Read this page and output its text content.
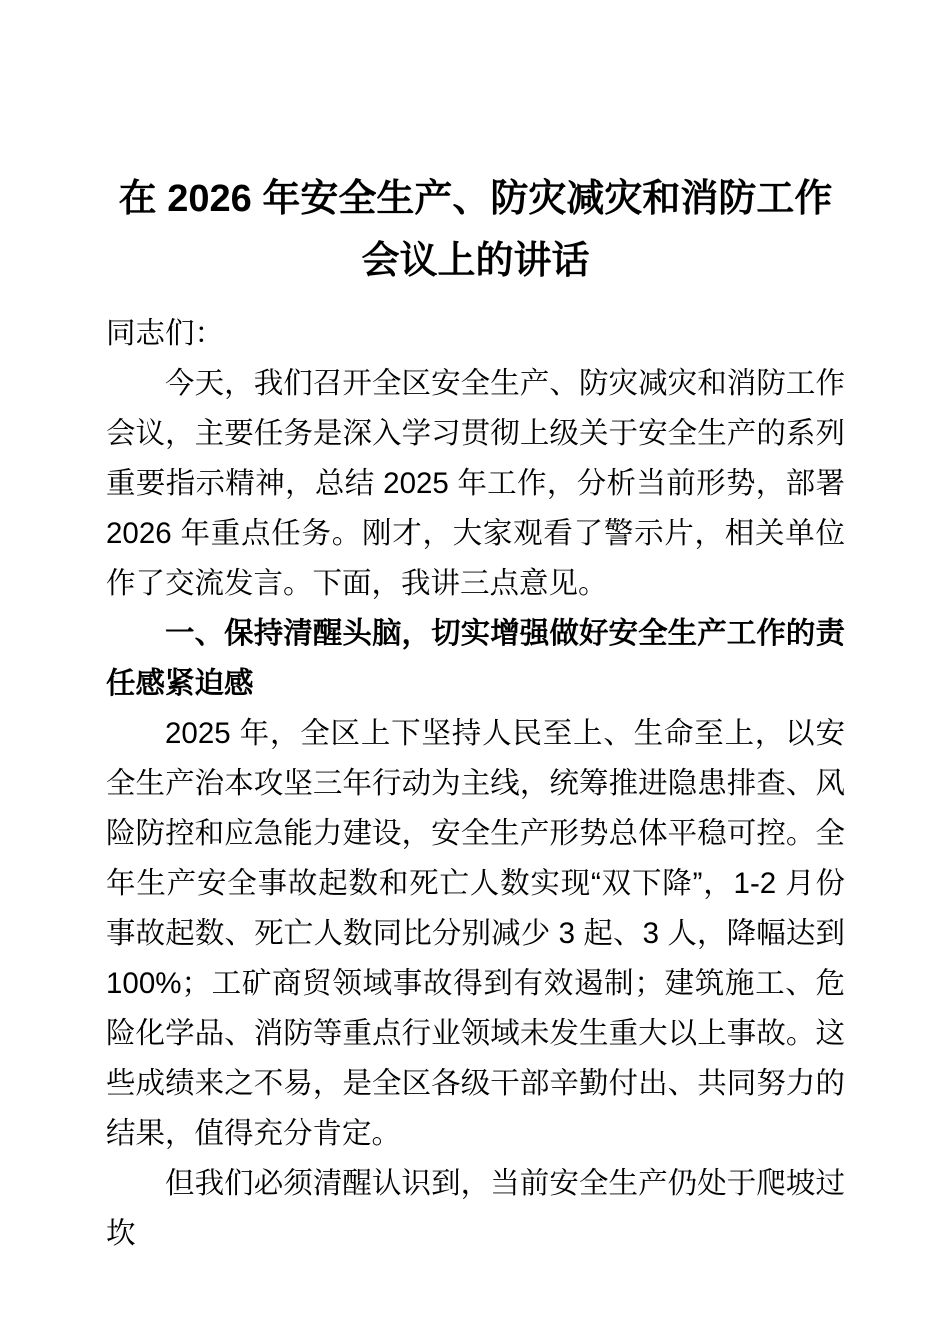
在 2026 年安全生产、防灾减灾和消防工作会议上的讲话

同志们：

今天，我们召开全区安全生产、防灾减灾和消防工作会议，主要任务是深入学习贯彻上级关于安全生产的系列重要指示精神，总结 2025 年工作，分析当前形势，部署 2026 年重点任务。刚才，大家观看了警示片，相关单位作了交流发言。下面，我讲三点意见。

一、保持清醒头脑，切实增强做好安全生产工作的责任感紧迫感

2025 年，全区上下坚持人民至上、生命至上，以安全生产治本攻坚三年行动为主线，统筹推进隐患排查、风险防控和应急能力建设，安全生产形势总体平稳可控。全年生产安全事故起数和死亡人数实现“双下降”，1-2 月份事故起数、死亡人数同比分别减少 3 起、3 人，降幅达到 100%；工矿商贸领域事故得到有效遏制；建筑施工、危险化学品、消防等重点行业领域未发生重大以上事故。这些成绩来之不易，是全区各级干部辛勤付出、共同努力的结果，值得充分肯定。

但我们必须清醒认识到，当前安全生产仍处于爬坡过坎
